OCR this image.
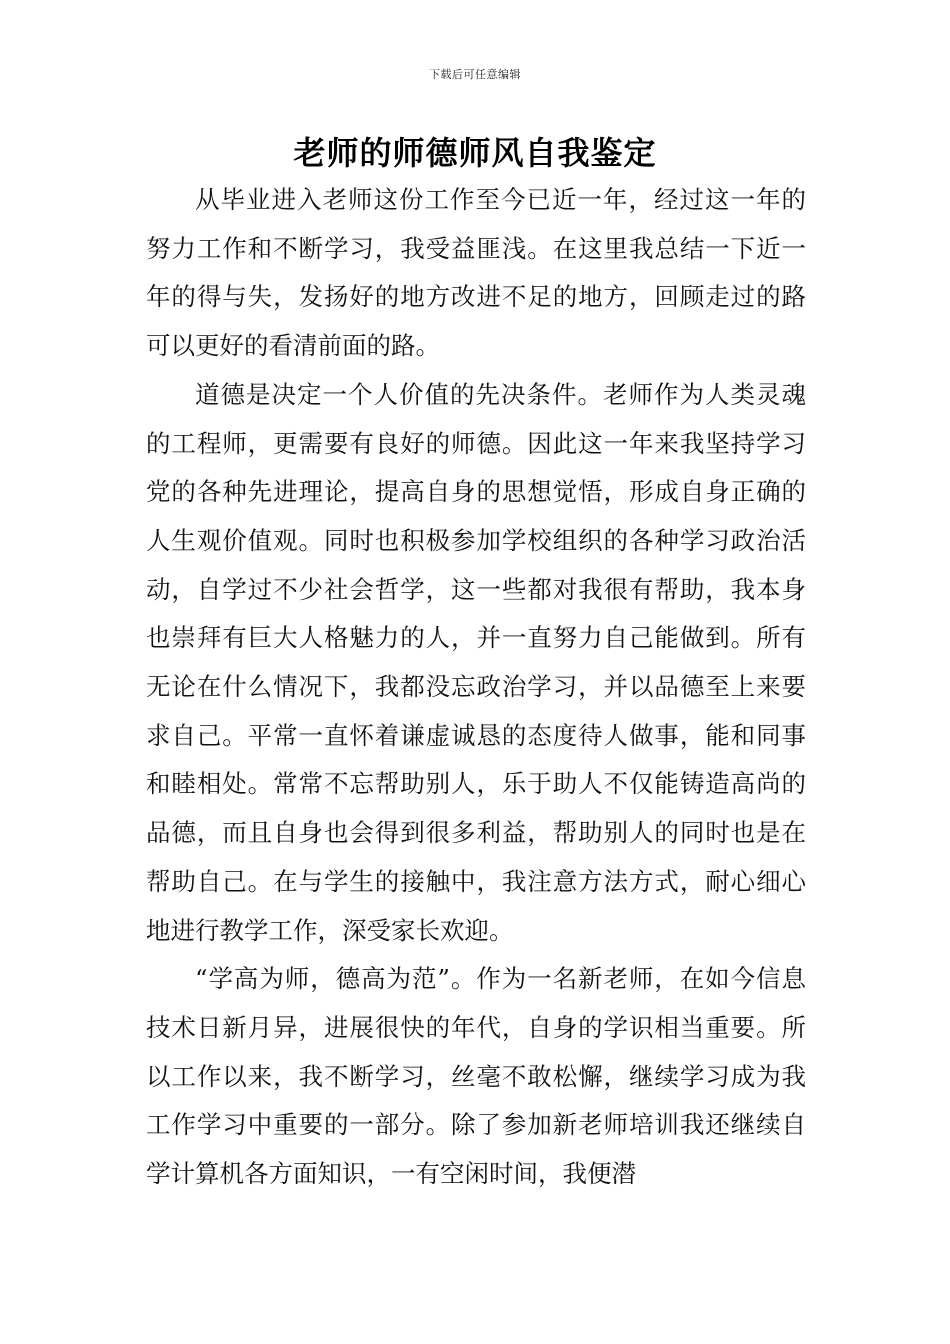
下载后可任意编辑
老师的师德师风自我鉴定

从毕业进入老师这份工作至今已近一年，经过这一年的努力工作和不断学习，我受益匪浅。在这里我总结一下近一年的得与失，发扬好的地方改进不足的地方，回顾走过的路可以更好的看清前面的路。

道德是决定一个人价值的先决条件。老师作为人类灵魂的工程师，更需要有良好的师德。因此这一年来我坚持学习党的各种先进理论，提高自身的思想觉悟，形成自身正确的人生观价值观。同时也积极参加学校组织的各种学习政治活动，自学过不少社会哲学，这一些都对我很有帮助，我本身也崇拜有巨大人格魅力的人，并一直努力自己能做到。所有无论在什么情况下，我都没忘政治学习，并以品德至上来要求自己。平常一直怀着谦虚诚恳的态度待人做事，能和同事和睦相处。常常不忘帮助别人，乐于助人不仅能铸造高尚的品德，而且自身也会得到很多利益，帮助别人的同时也是在帮助自己。在与学生的接触中，我注意方法方式，耐心细心地进行教学工作，深受家长欢迎。

“学高为师，德高为范”。作为一名新老师，在如今信息技术日新月异，进展很快的年代，自身的学识相当重要。所以工作以来，我不断学习，丝毫不敢松懈，继续学习成为我工作学习中重要的一部分。除了参加新老师培训我还继续自学计算机各方面知识，一有空闲时间，我便潜
